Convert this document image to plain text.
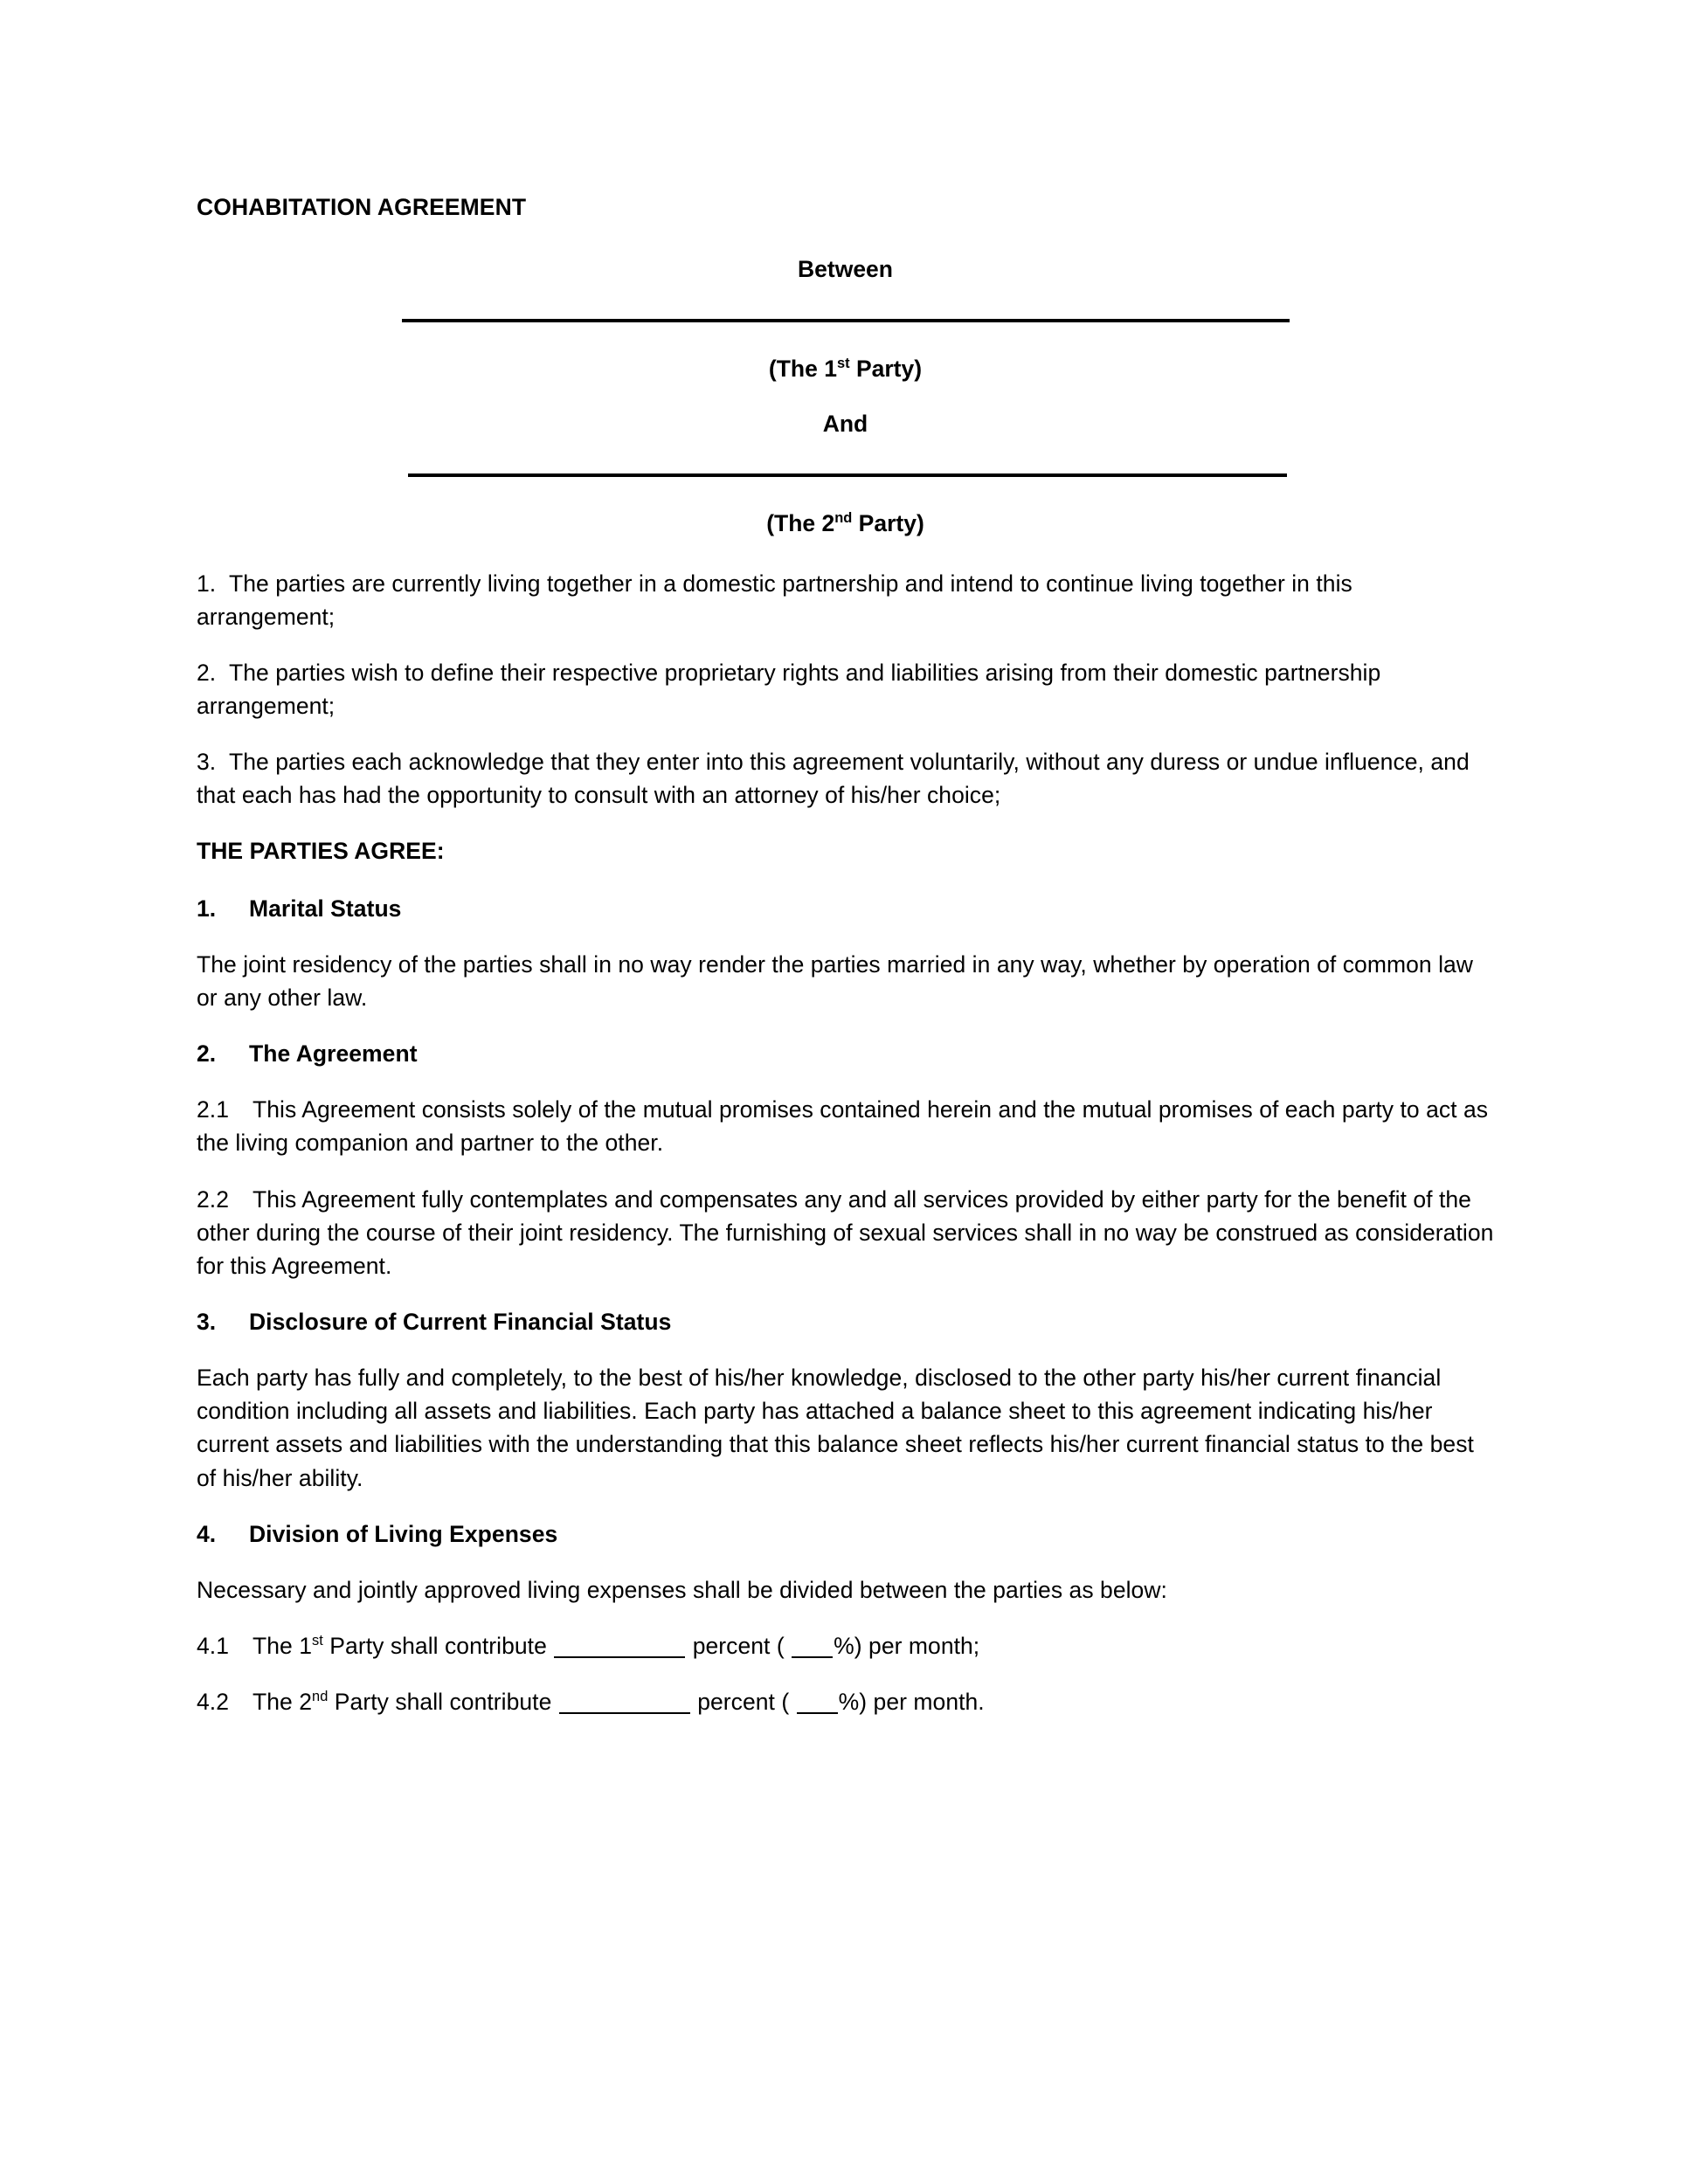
COHABITATION AGREEMENT
Between
(The 1st Party)
And
(The 2nd Party)

1. The parties are currently living together in a domestic partnership and intend to continue living together in this arrangement;

2. The parties wish to define their respective proprietary rights and liabilities arising from their domestic partnership arrangement;

3. The parties each acknowledge that they enter into this agreement voluntarily, without any duress or undue influence, and that each has had the opportunity to consult with an attorney of his/her choice;

THE PARTIES AGREE:
1. Marital Status

The joint residency of the parties shall in no way render the parties married in any way, whether by operation of common law or any other law.

2. The Agreement

2.1 This Agreement consists solely of the mutual promises contained herein and the mutual promises of each party to act as the living companion and partner to the other.

2.2 This Agreement fully contemplates and compensates any and all services provided by either party for the benefit of the other during the course of their joint residency. The furnishing of sexual services shall in no way be construed as consideration for this Agreement.

3. Disclosure of Current Financial Status

Each party has fully and completely, to the best of his/her knowledge, disclosed to the other party his/her current financial condition including all assets and liabilities. Each party has attached a balance sheet to this agreement indicating his/her current assets and liabilities with the understanding that this balance sheet reflects his/her current financial status to the best of his/her ability.

4. Division of Living Expenses

Necessary and jointly approved living expenses shall be divided between the parties as below:

4.1 The 1st Party shall contribute	percent ( %) per month;

4.2 The 2nd Party shall contribute	percent ( %) per month.
